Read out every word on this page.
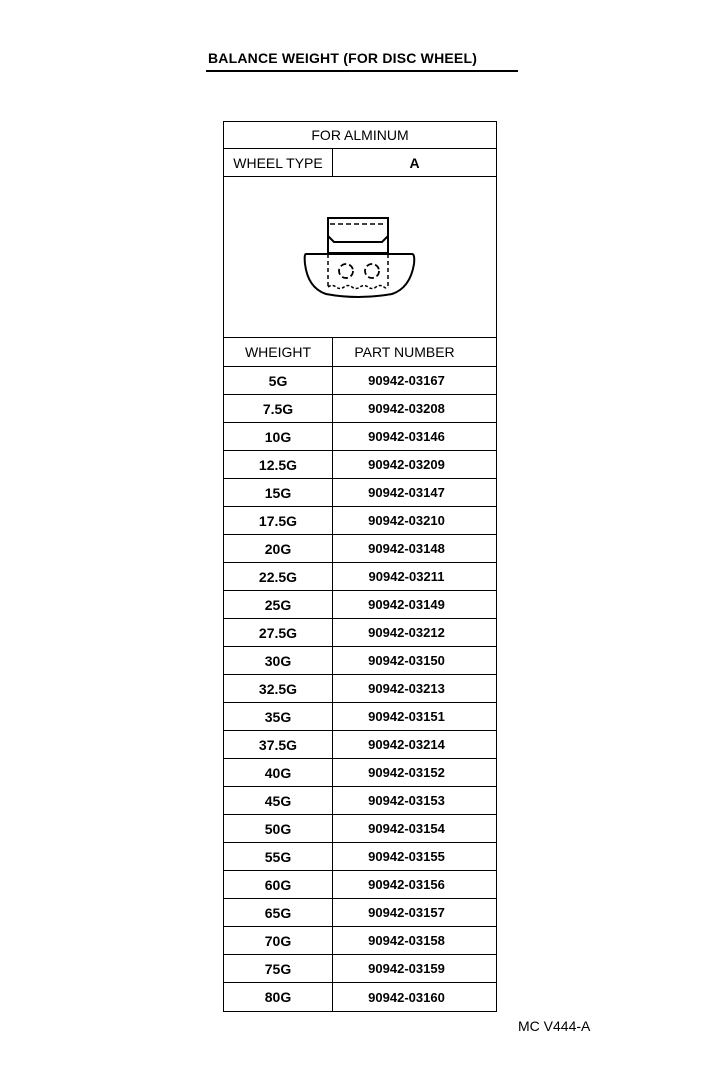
BALANCE WEIGHT (FOR DISC WHEEL)
FOR ALMINUM
WHEEL TYPE	A
WHEIGHT	PART NUMBER
5G	90942-03167
7.5G	90942-03208
10G	90942-03146
12.5G	90942-03209
15G	90942-03147
17.5G	90942-03210
20G	90942-03148
22.5G	90942-03211
25G	90942-03149
27.5G	90942-03212
30G	90942-03150
32.5G	90942-03213
35G	90942-03151
37.5G	90942-03214
40G	90942-03152
45G	90942-03153
50G	90942-03154
55G	90942-03155
60G	90942-03156
65G	90942-03157
70G	90942-03158
75G	90942-03159
80G	90942-03160
MC V444-A
